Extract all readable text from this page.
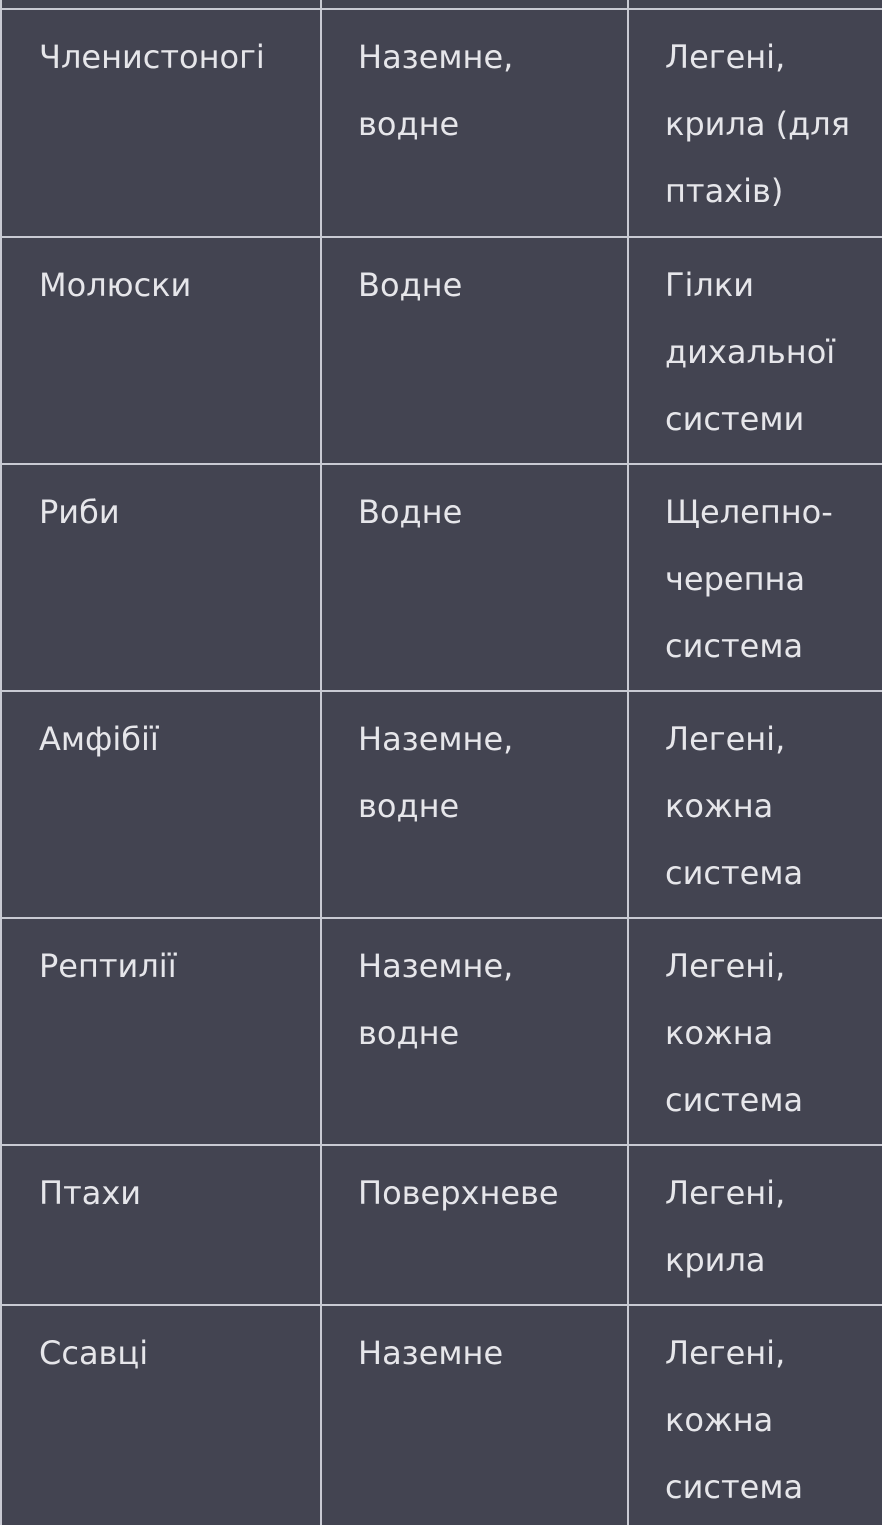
Членистоногі	Наземне, водне	Легені, крила (для птахів)
Молюски	Водне	Гілки дихальної системи
Риби	Водне	Щелепно-черепна система
Амфібії	Наземне, водне	Легені, кожна система
Рептилії	Наземне, водне	Легені, кожна система
Птахи	Поверхневе	Легені, крила
Ссавці	Наземне	Легені, кожна система
